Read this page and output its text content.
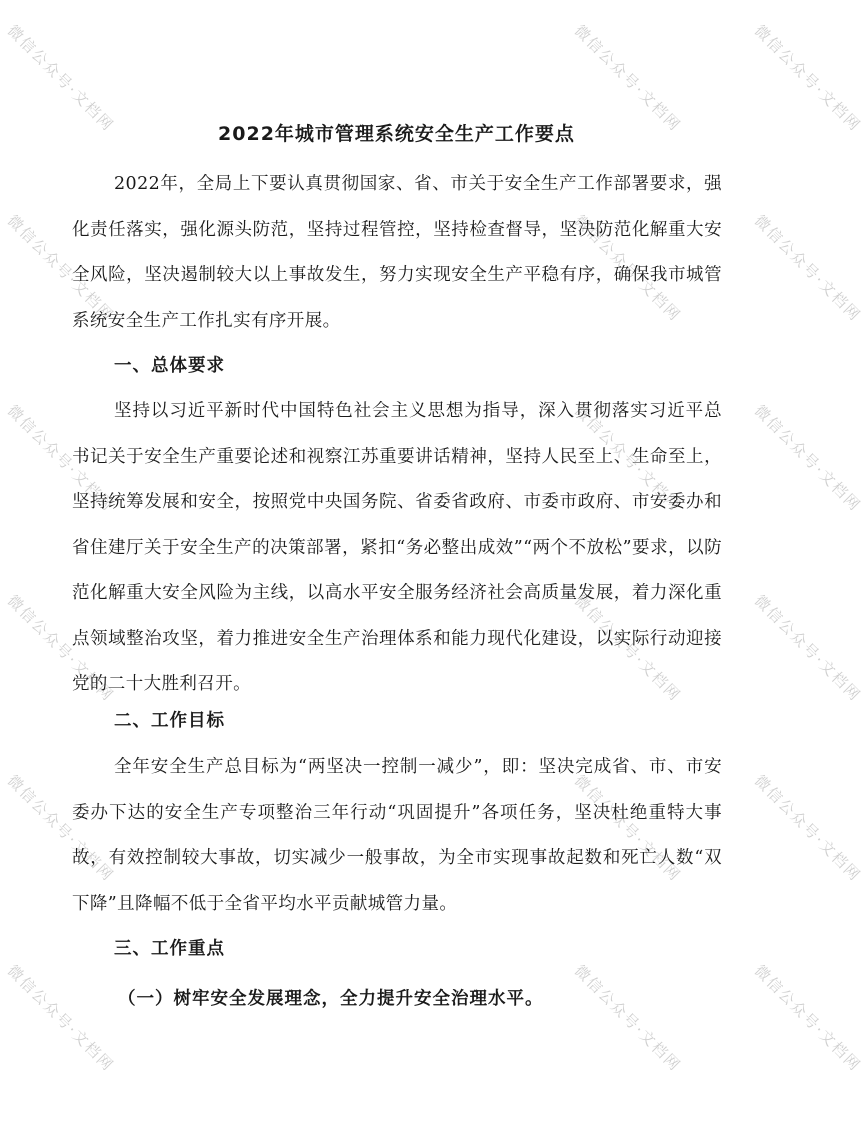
微信公众号·文档网	微信公众号·文档网	微信公众号·文档网
微信公众号·文档网	微信公众号·文档网	微信公众号·文档网
微信公众号·文档网	微信公众号·文档网	微信公众号·文档网
微信公众号·文档网	微信公众号·文档网	微信公众号·文档网
微信公众号·文档网	微信公众号·文档网	微信公众号·文档网
微信公众号·文档网	微信公众号·文档网	微信公众号·文档网
2022年城市管理系统安全生产工作要点

2022年，全局上下要认真贯彻国家、省、市关于安全生产工作部署要求，强化责任落实，强化源头防范，坚持过程管控，坚持检查督导，坚决防范化解重大安全风险，坚决遏制较大以上事故发生，努力实现安全生产平稳有序，确保我市城管系统安全生产工作扎实有序开展。

一、总体要求

坚持以习近平新时代中国特色社会主义思想为指导，深入贯彻落实习近平总书记关于安全生产重要论述和视察江苏重要讲话精神，坚持人民至上、生命至上，坚持统筹发展和安全，按照党中央国务院、省委省政府、市委市政府、市安委办和省住建厅关于安全生产的决策部署，紧扣“务必整出成效”“两个不放松”要求，以防范化解重大安全风险为主线，以高水平安全服务经济社会高质量发展，着力深化重点领域整治攻坚，着力推进安全生产治理体系和能力现代化建设，以实际行动迎接党的二十大胜利召开。

二、工作目标

全年安全生产总目标为“两坚决一控制一减少”，即：坚决完成省、市、市安委办下达的安全生产专项整治三年行动“巩固提升”各项任务，坚决杜绝重特大事故，有效控制较大事故，切实减少一般事故，为全市实现事故起数和死亡人数“双下降”且降幅不低于全省平均水平贡献城管力量。

三、工作重点
（一）树牢安全发展理念，全力提升安全治理水平。
